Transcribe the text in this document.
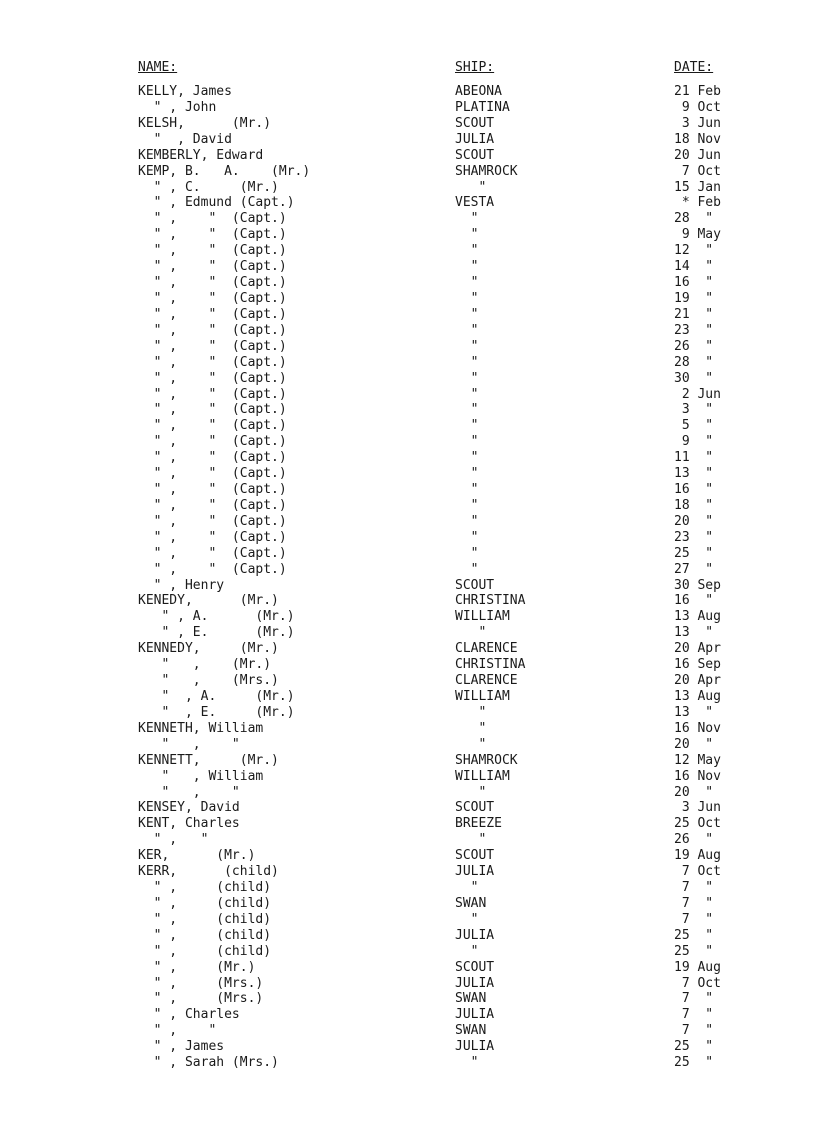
NAME:	SHIP:	DATE:
KELLY, James	ABEONA	21 Feb
" , John	PLATINA	9 Oct
KELSH,      (Mr.)	SCOUT	3 Jun
"  , David	JULIA	18 Nov
KEMBERLY, Edward	SCOUT	20 Jun
KEMP, B.   A.    (Mr.)	SHAMROCK	7 Oct
" , C.     (Mr.)	"	15 Jan
" , Edmund (Capt.)	VESTA	* Feb
" ,    "  (Capt.)	"	28  "
" ,    "  (Capt.)	"	9 May
" ,    "  (Capt.)	"	12  "
" ,    "  (Capt.)	"	14  "
" ,    "  (Capt.)	"	16  "
" ,    "  (Capt.)	"	19  "
" ,    "  (Capt.)	"	21  "
" ,    "  (Capt.)	"	23  "
" ,    "  (Capt.)	"	26  "
" ,    "  (Capt.)	"	28  "
" ,    "  (Capt.)	"	30  "
" ,    "  (Capt.)	"	2 Jun
" ,    "  (Capt.)	"	3  "
" ,    "  (Capt.)	"	5  "
" ,    "  (Capt.)	"	9  "
" ,    "  (Capt.)	"	11  "
" ,    "  (Capt.)	"	13  "
" ,    "  (Capt.)	"	16  "
" ,    "  (Capt.)	"	18  "
" ,    "  (Capt.)	"	20  "
" ,    "  (Capt.)	"	23  "
" ,    "  (Capt.)	"	25  "
" ,    "  (Capt.)	"	27  "
" , Henry	SCOUT	30 Sep
KENEDY,      (Mr.)	CHRISTINA	16  "
" , A.      (Mr.)	WILLIAM	13 Aug
" , E.      (Mr.)	"	13  "
KENNEDY,     (Mr.)	CLARENCE	20 Apr
"   ,    (Mr.)	CHRISTINA	16 Sep
"   ,    (Mrs.)	CLARENCE	20 Apr
"  , A.     (Mr.)	WILLIAM	13 Aug
"  , E.     (Mr.)	"	13  "
KENNETH, William	"	16 Nov
"   ,    "	"	20  "
KENNETT,     (Mr.)	SHAMROCK	12 May
"   , William	WILLIAM	16 Nov
"   ,    "	"	20  "
KENSEY, David	SCOUT	3 Jun
KENT, Charles	BREEZE	25 Oct
" ,   "	"	26  "
KER,      (Mr.)	SCOUT	19 Aug
KERR,      (child)	JULIA	7 Oct
" ,     (child)	"	7  "
" ,     (child)	SWAN	7  "
" ,     (child)	"	7  "
" ,     (child)	JULIA	25  "
" ,     (child)	"	25  "
" ,     (Mr.)	SCOUT	19 Aug
" ,     (Mrs.)	JULIA	7 Oct
" ,     (Mrs.)	SWAN	7  "
" , Charles	JULIA	7  "
" ,    "	SWAN	7  "
" , James	JULIA	25  "
" , Sarah (Mrs.)	"	25  "
